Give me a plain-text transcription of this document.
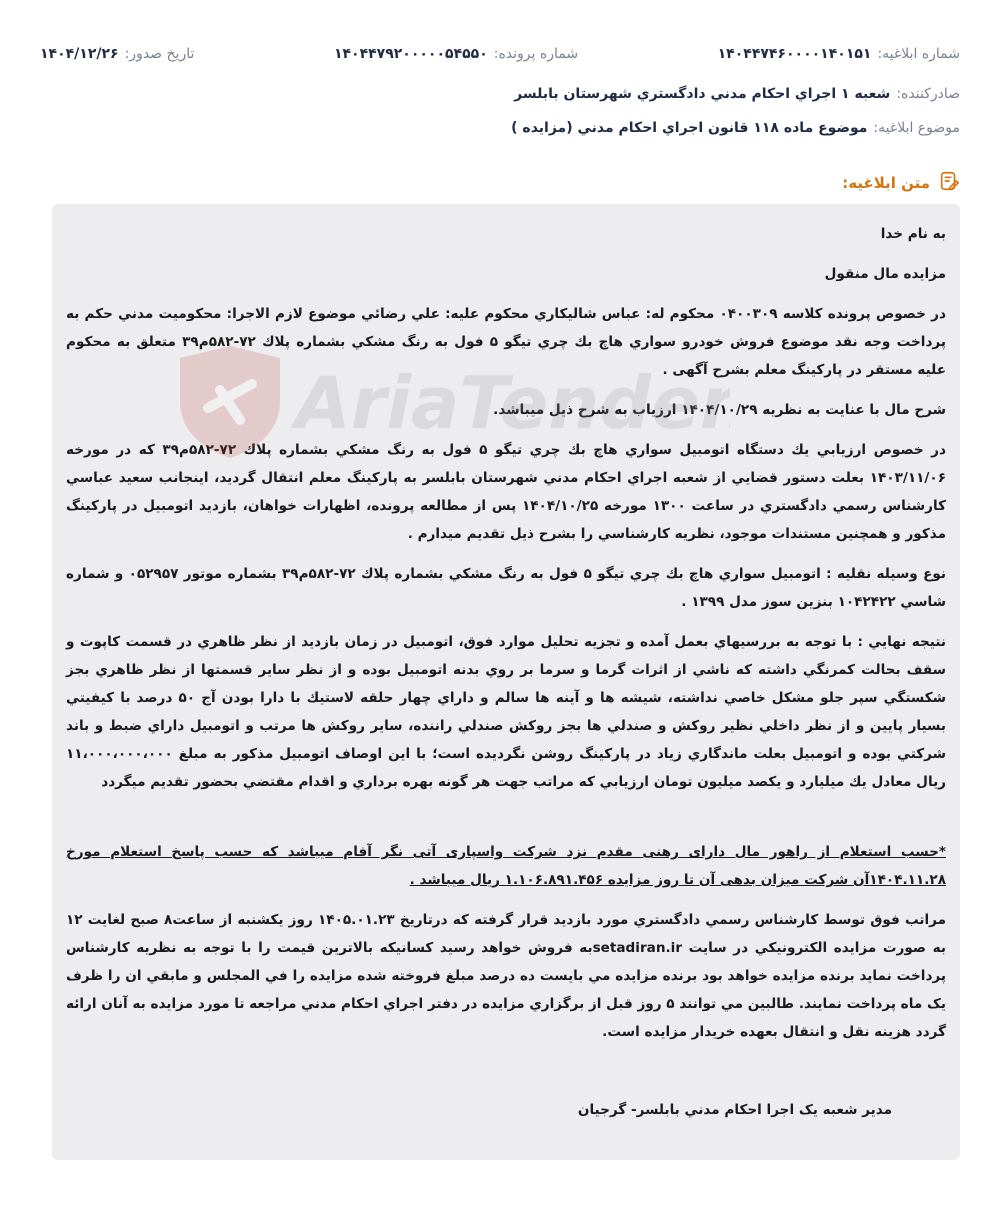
شماره ابلاغیه:
۱۴۰۴۴۷۴۶۰۰۰۰۱۴۰۱۵۱
شماره پرونده:
۱۴۰۴۴۷۹۲۰۰۰۰۰۵۴۵۵۰
تاریخ صدور:
۱۴۰۴/۱۲/۲۶
صادرکننده:
شعبه ۱ اجراي احكام مدني دادگستري شهرستان بابلسر
موضوع ابلاغیه:
موضوع ماده ۱۱۸ قانون اجراي احكام مدني (مزايده )
متن ابلاغیه:

به نام خدا

مزايده مال منقول

در خصوص پرونده كلاسه ۰۴۰۰۳۰۹ محكوم له: عباس شاليكاري محكوم عليه: علي رضائي موضوع لازم الاجرا: محكوميت مدني حكم به پرداخت وجه نقد موضوع فروش خودرو سواري هاچ بك چري تيگو ۵ فول به رنگ مشكي بشماره پلاك ۷۲-۵۸۲م۳۹ متعلق به محكوم عليه مستقر در پاركينگ معلم بشرح آگهی .

شرح مال با عنايت به نظريه ۱۴۰۴/۱۰/۲۹ ارزياب به شرح ذيل ميباشد.

در خصوص ارزيابي يك دستگاه اتومبيل سواري هاچ بك چري تيگو ۵ فول به رنگ مشكي بشماره پلاك ۷۲-۵۸۲م۳۹ كه در مورخه ۱۴۰۳/۱۱/۰۶ بعلت دستور قضايي از شعبه اجراي احكام مدني شهرستان بابلسر به پاركينگ معلم انتقال گرديد، اينجانب سعيد عباسي كارشناس رسمي دادگستري در ساعت ۱۳۰۰ مورخه ۱۴۰۴/۱۰/۲۵ پس از مطالعه پرونده، اظهارات خواهان، بازديد اتومبيل در پاركينگ مذكور و همچنين مستندات موجود، نظريه كارشناسي را بشرح ذيل تقديم ميدارم .

نوع وسيله نقليه : اتومبيل سواري هاچ بك چري تيگو ۵ فول به رنگ مشكي بشماره پلاك ۷۲-۵۸۲م۳۹ بشماره موتور ۰۵۲۹۵۷ و شماره شاسي ۱۰۴۲۴۲۲ بنزين سوز مدل ۱۳۹۹ .

نتيجه نهايي : با توجه به بررسيهاي بعمل آمده و تجزيه تحليل موارد فوق، اتومبيل در زمان بازديد از نظر ظاهري در قسمت كاپوت و سقف بحالت كمرنگي داشته كه ناشي از اثرات گرما و سرما بر روي بدنه اتومبيل بوده و از نظر ساير قسمتها از نظر ظاهري بجز شكستگي سپر جلو مشكل خاصي نداشته، شيشه ها و آينه ها سالم و داراي چهار حلقه لاستيك با دارا بودن آج ۵۰ درصد با كيفيتي بسيار پايين و از نظر داخلي نظير روكش و صندلي ها بجز روكش صندلي راننده، ساير روكش ها مرتب و اتومبيل داراي ضبط و باند شركتي بوده و اتومبيل بعلت ماندگاري زياد در پاركينگ روشن نگرديده است؛ با اين اوصاف اتومبيل مذكور به مبلغ ۱۱،۰۰۰،۰۰۰،۰۰۰ ريال معادل يك ميليارد و يكصد ميليون تومان ارزيابي كه مراتب جهت هر گونه بهره برداري و اقدام مقتضي بحضور تقديم ميگردد

*حسب استعلام از راهور مال دارای رهنی مقدم نزد شرکت واسپاری آتی نگر آفام میباشد که حسب پاسخ استعلام مورخ ۱۴۰۴.۱۱.۲۸آن شرکت میزان بدهی آن تا روز مزایده ۱.۱۰۶.۸۹۱.۴۵۶ ریال میباشد .

مراتب فوق توسط كارشناس رسمي دادگستري مورد بازديد قرار گرفته كه درتاريخ ۱۴۰۵.۰۱.۲۳ روز يكشنبه از ساعت۸ صبح لغايت ۱۲ به صورت مزايده الكترونيكي در سايت setadiran.irبه فروش خواهد رسيد كسانيكه بالاترين قيمت را با توجه به نظريه كارشناس پرداخت نمايد برنده مزايده خواهد بود برنده مزايده مي بايست ده درصد مبلغ فروخته شده مزايده را في المجلس و مابقي ان را ظرف يک ماه پرداخت نمايند. طالبين مي توانند ۵ روز قبل از برگزاري مزايده در دفتر اجراي احكام مدني مراجعه تا مورد مزايده به آنان ارائه گردد هزينه نقل و انتقال بعهده خريدار مزايده است.

مدير شعبه يک اجرا احكام مدني بابلسر- گرجيان
